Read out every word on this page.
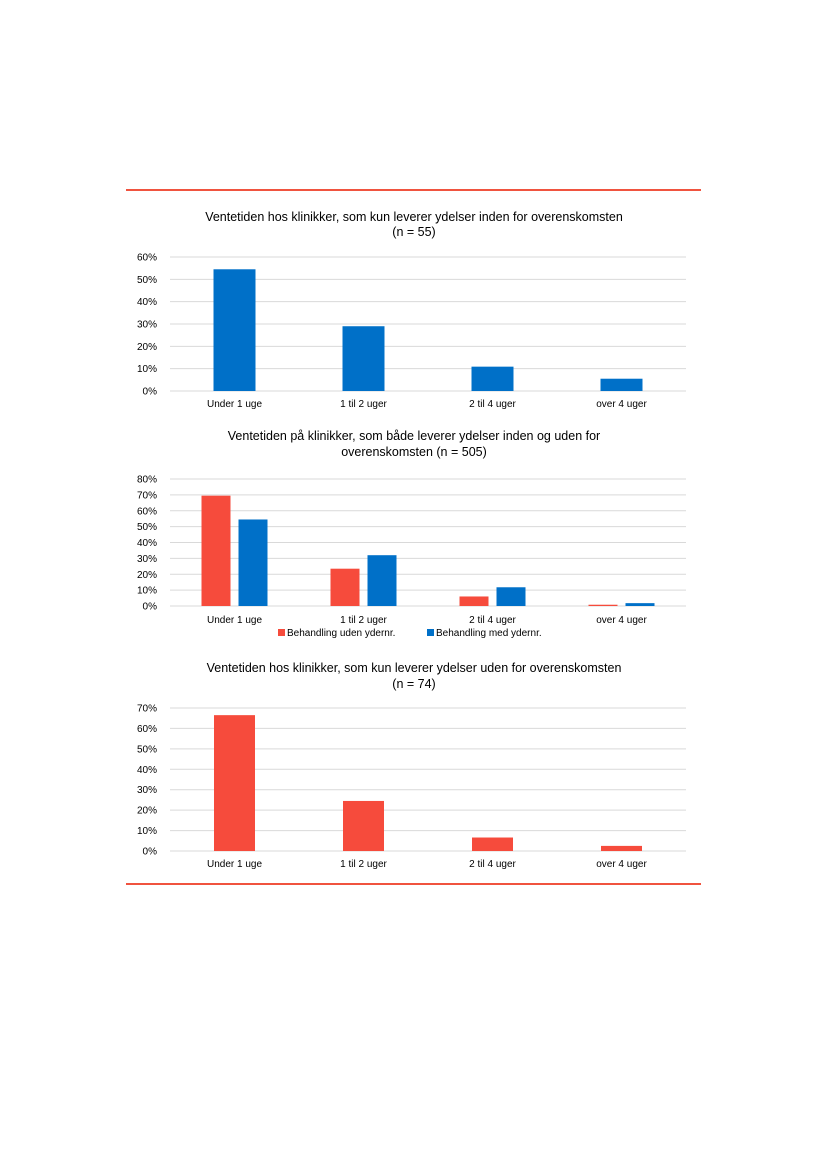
Ventetiden hos klinikker, som kun leverer ydelser inden for overenskomsten
(n = 55)
0%
10%
20%
30%
40%
50%
60%
Under 1 uge	1 til 2 uger	2 til 4 uger	over 4 uger
Ventetiden på klinikker, som både leverer ydelser inden og uden for
overenskomsten (n = 505)
0%
10%
20%
30%
40%
50%
60%
70%
80%
Under 1 uge	1 til 2 uger	2 til 4 uger	over 4 uger
Behandling uden ydernr.	Behandling med ydernr.
Ventetiden hos klinikker, som kun leverer ydelser uden for overenskomsten
(n = 74)
0%
10%
20%
30%
40%
50%
60%
70%
Under 1 uge	1 til 2 uger	2 til 4 uger	over 4 uger
